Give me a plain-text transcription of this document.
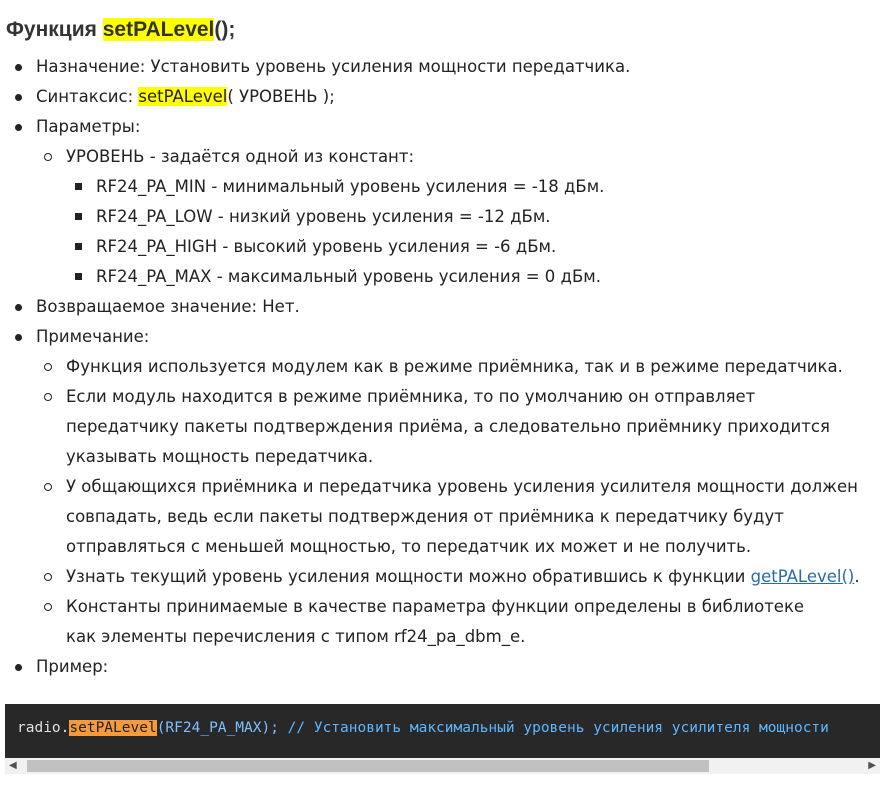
Функция setPALevel();
Назначение: Установить уровень усиления мощности передатчика.
Синтаксис: setPALevel( УРОВЕНЬ );
Параметры:
УРОВЕНЬ - задаётся одной из констант:
RF24_PA_MIN - минимальный уровень усиления = -18 дБм.
RF24_PA_LOW - низкий уровень усиления = -12 дБм.
RF24_PA_HIGH - высокий уровень усиления = -6 дБм.
RF24_PA_MAX - максимальный уровень усиления = 0 дБм.
Возвращаемое значение: Нет.
Примечание:
Функция используется модулем как в режиме приёмника, так и в режиме передатчика.
Если модуль находится в режиме приёмника, то по умолчанию он отправляет передатчику пакеты подтверждения приёма, а следовательно приёмнику приходится указывать мощность передатчика.
У общающихся приёмника и передатчика уровень усиления усилителя мощности должен совпадать, ведь если пакеты подтверждения от приёмника к передатчику будут отправляться с меньшей мощностью, то передатчик их может и не получить.
Узнать текущий уровень усиления мощности можно обратившись к функции getPALevel().
Константы принимаемые в качестве параметра функции определены в библиотеке как элементы перечисления с типом rf24_pa_dbm_e.
Пример:
radio.setPALevel(RF24_PA_MAX); // Установить максимальный уровень усиления усилителя мощности
◀	▶
